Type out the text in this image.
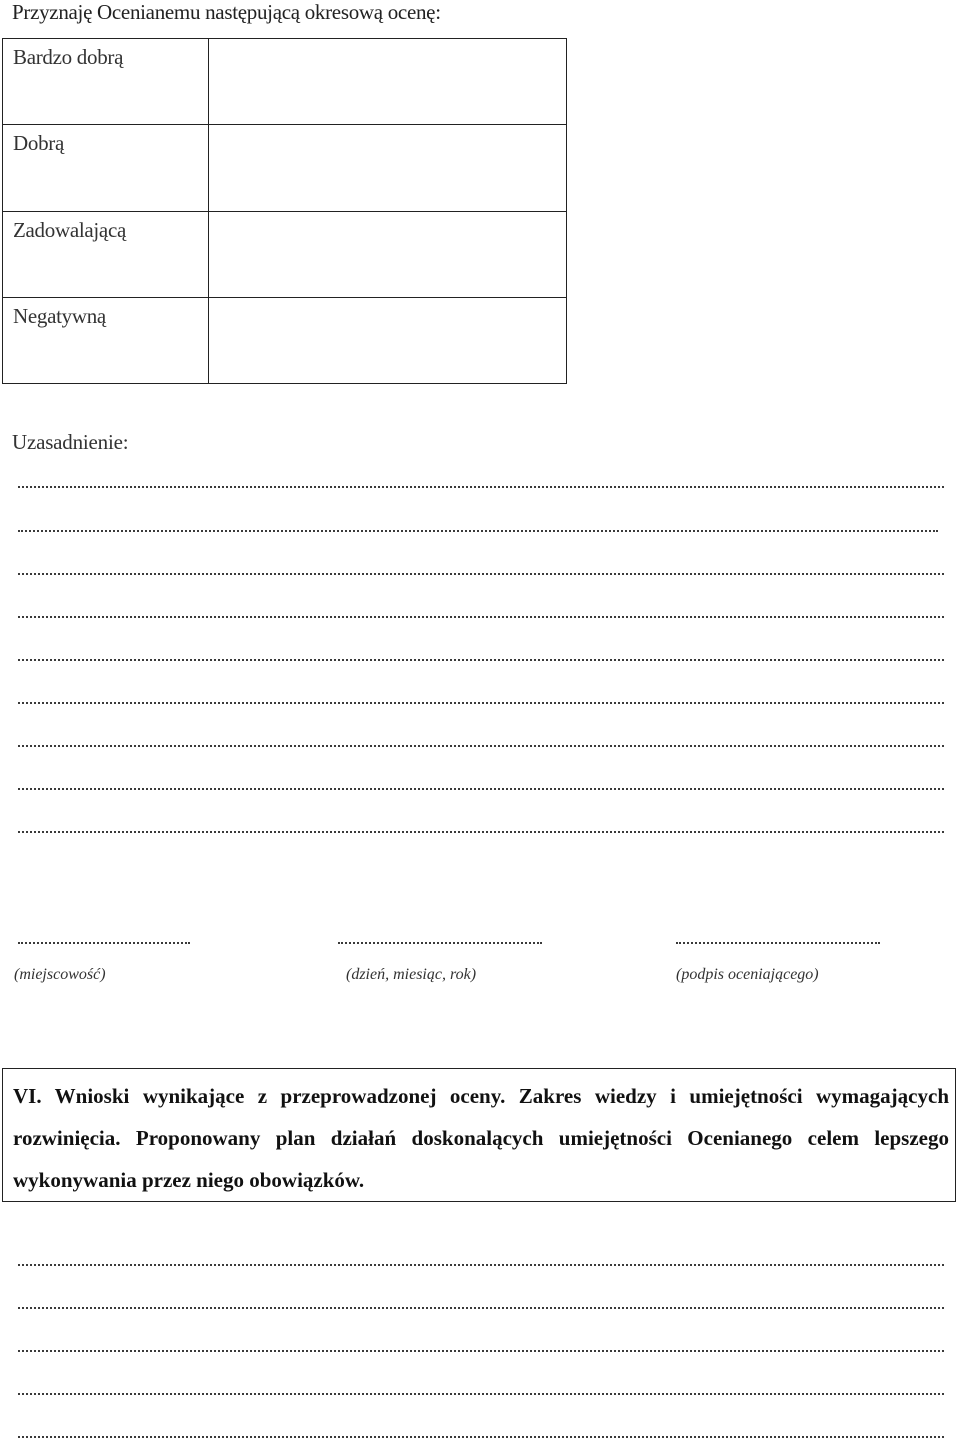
Przyznaję Ocenianemu następującą okresową ocenę:
Bardzo dobrą	
Dobrą	
Zadowalającą	
Negatywną	
Uzasadnienie:
(miejscowość)	(dzień, miesiąc, rok)	(podpis oceniającego)
VI. Wnioski wynikające z przeprowadzonej oceny. Zakres wiedzy i umiejętności wymagających rozwinięcia. Proponowany plan działań doskonalących umiejętności Ocenianego celem lepszego wykonywania przez niego obowiązków.
